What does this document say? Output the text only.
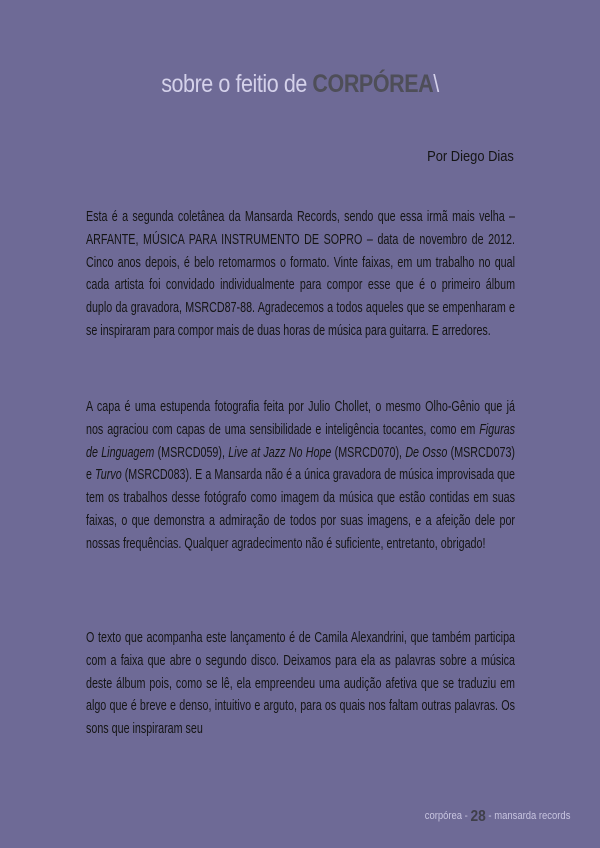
sobre o feitio de CORPÓREA\
Por Diego Dias

Esta é a segunda coletânea da Mansarda Records, sendo que essa irmã mais velha – ARFANTE, MÚSICA PARA INSTRUMENTO DE SOPRO – data de novembro de 2012. Cinco anos depois, é belo retomarmos o formato. Vinte faixas, em um trabalho no qual cada artista foi convidado individualmente para compor esse que é o primeiro álbum duplo da gravadora, MSRCD87-88. Agradecemos a todos aqueles que se empenharam e se inspiraram para compor mais de duas horas de música para guitarra. E arredores.

A capa é uma estupenda fotografia feita por Julio Chollet, o mesmo Olho-Gênio que já nos agraciou com capas de uma sensibilidade e inteligência tocantes, como em Figuras de Linguagem (MSRCD059), Live at Jazz No Hope (MSRCD070), De Osso (MSRCD073) e Turvo (MSRCD083). E a Mansarda não é a única gravadora de música improvisada que tem os trabalhos desse fotógrafo como imagem da música que estão contidas em suas faixas, o que demonstra a admiração de todos por suas imagens, e a afeição dele por nossas frequências. Qualquer agradecimento não é suficiente, entretanto, obrigado!

O texto que acompanha este lançamento é de Camila Alexandrini, que também participa com a faixa que abre o segundo disco. Deixamos para ela as palavras sobre a música deste álbum pois, como se lê, ela empreendeu uma audição afetiva que se traduziu em algo que é breve e denso, intuitivo e arguto, para os quais nos faltam outras palavras. Os sons que inspiraram seu

corpórea - 28 - mansarda records
